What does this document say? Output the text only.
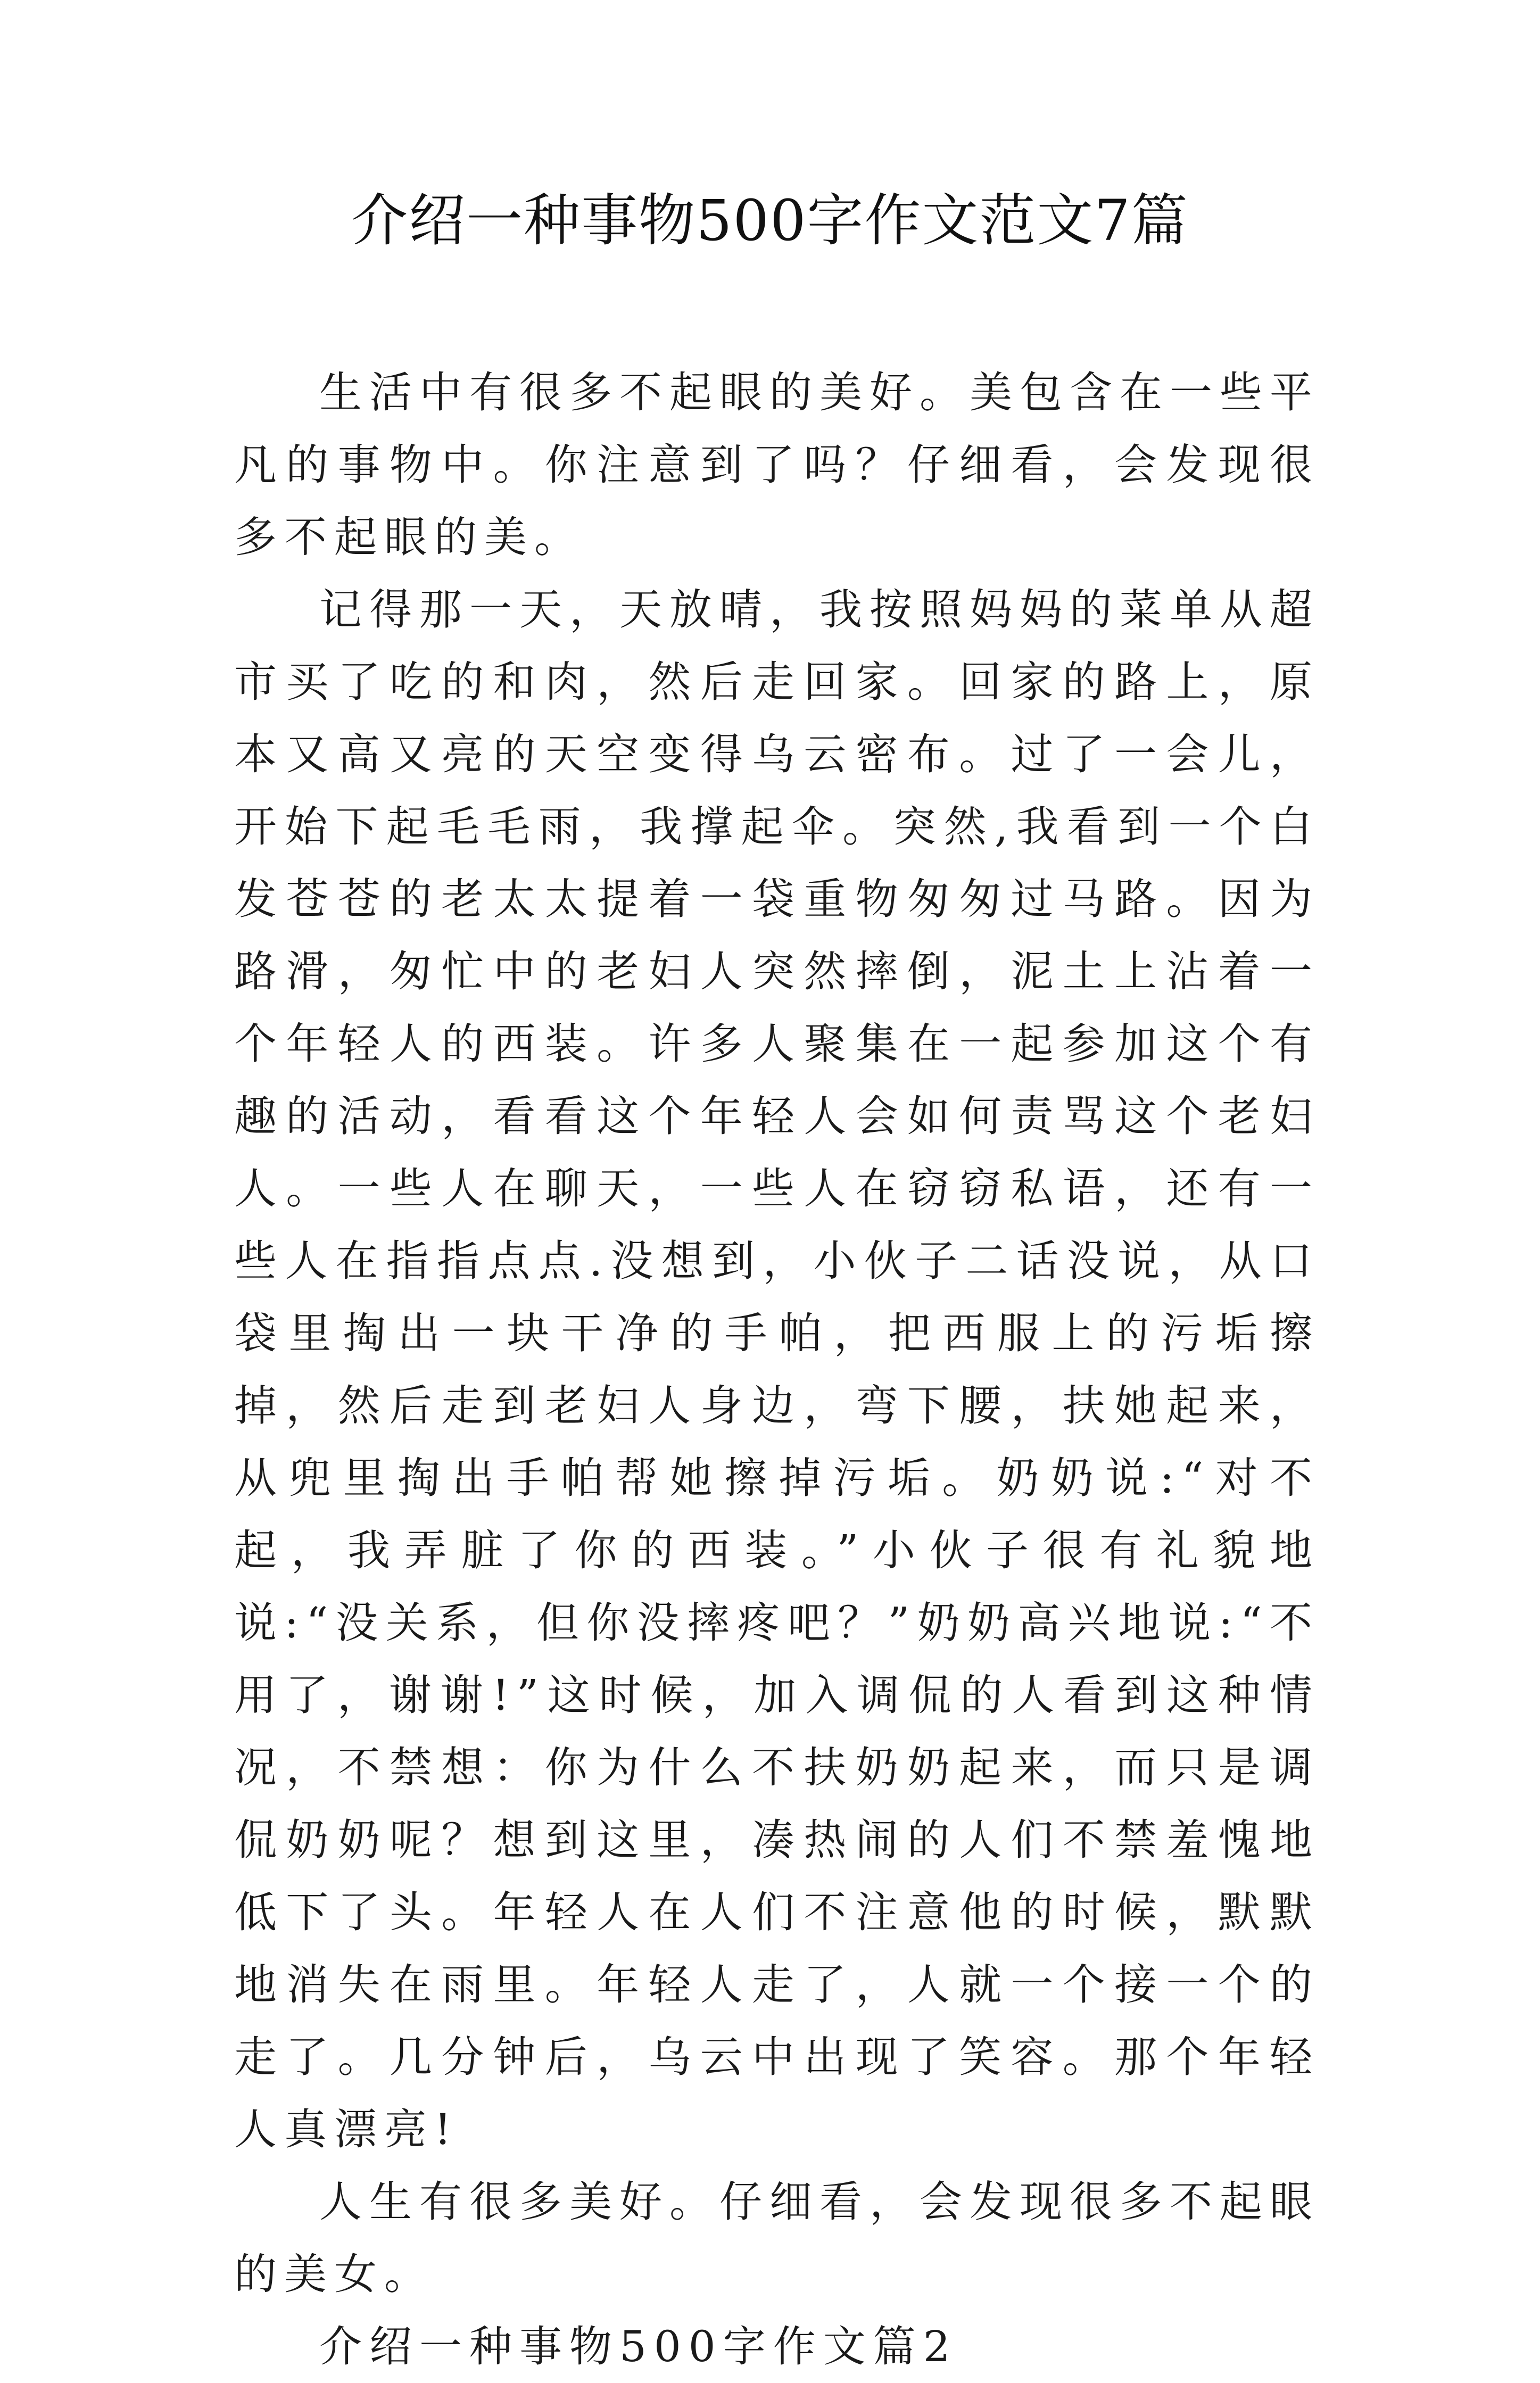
介绍一种事物500字作文范文7篇

生活中有很多不起眼的美好。美包含在一些平凡的事物中。你注意到了吗？仔细看，会发现很多不起眼的美。

记得那一天，天放晴，我按照妈妈的菜单从超市买了吃的和肉，然后走回家。回家的路上，原本又高又亮的天空变得乌云密布。过了一会儿，开始下起毛毛雨，我撑起伞。突然,我看到一个白发苍苍的老太太提着一袋重物匆匆过马路。因为路滑，匆忙中的老妇人突然摔倒，泥土上沾着一个年轻人的西装。许多人聚集在一起参加这个有趣的活动，看看这个年轻人会如何责骂这个老妇人。一些人在聊天，一些人在窃窃私语，还有一些人在指指点点.没想到，小伙子二话没说，从口袋里掏出一块干净的手帕，把西服上的污垢擦掉，然后走到老妇人身边，弯下腰，扶她起来，从兜里掏出手帕帮她擦掉污垢。奶奶说:“对不起，我弄脏了你的西装。”小伙子很有礼貌地说:“没关系，但你没摔疼吧？”奶奶高兴地说:“不用了，谢谢!”这时候，加入调侃的人看到这种情况，不禁想：你为什么不扶奶奶起来，而只是调侃奶奶呢？想到这里，凑热闹的人们不禁羞愧地低下了头。年轻人在人们不注意他的时候，默默地消失在雨里。年轻人走了，人就一个接一个的走了。几分钟后，乌云中出现了笑容。那个年轻人真漂亮!

人生有很多美好。仔细看，会发现很多不起眼的美女。

介绍一种事物500字作文篇2
